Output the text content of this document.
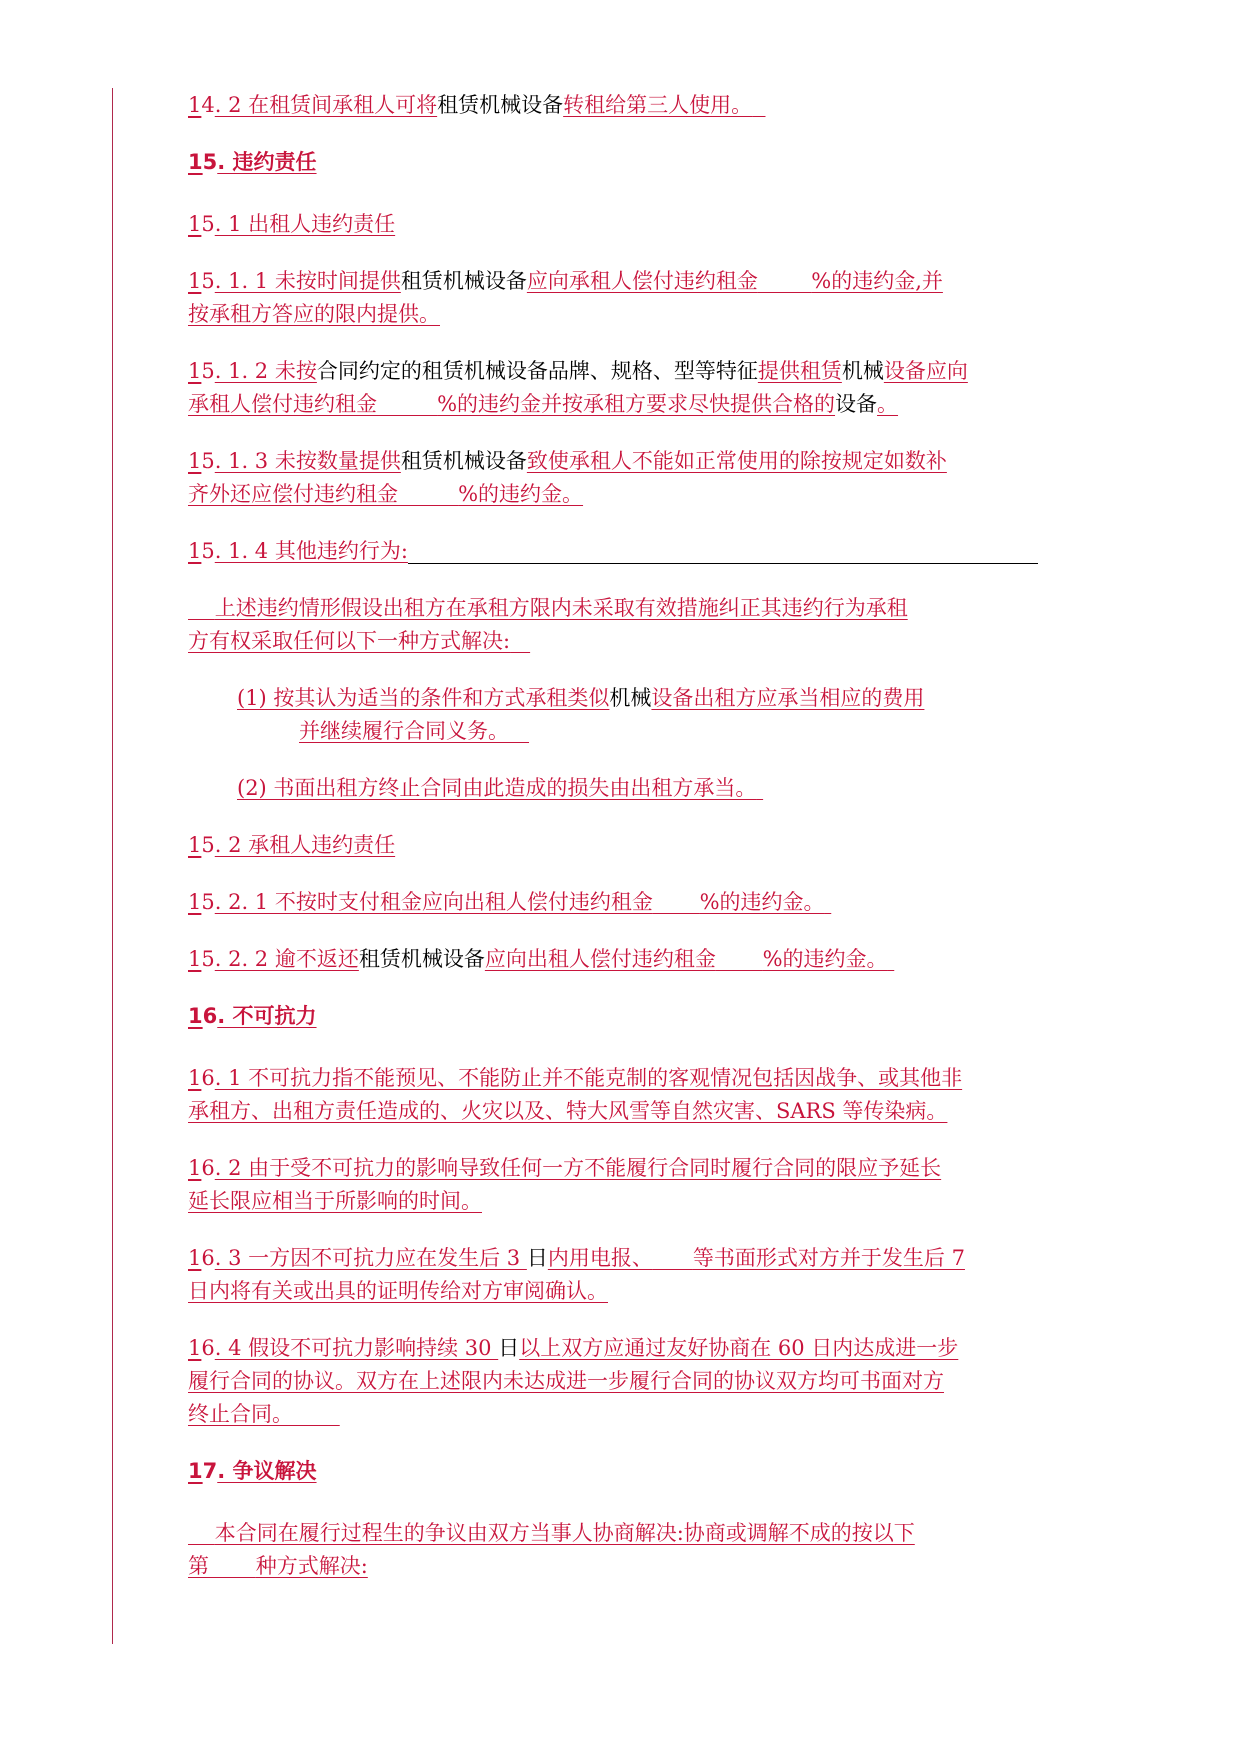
14. 2 在租赁间承租人可将租赁机械设备转租给第三人使用。
15. 违约责任
15. 1 出租人违约责任
15. 1. 1 未按时间提供租赁机械设备应向承租人偿付违约租金	%的违约金,并
按承租方答应的限内提供。
15. 1. 2 未按合同约定的租赁机械设备品牌、规格、型等特征提供租赁机械设备应向
承租人偿付违约租金	%的违约金并按承租方要求尽快提供合格的设备。
15. 1. 3 未按数量提供租赁机械设备致使承租人不能如正常使用的除按规定如数补
齐外还应偿付违约租金	%的违约金。
15. 1. 4 其他违约行为:
上述违约情形假设出租方在承租方限内未采取有效措施纠正其违约行为承租
方有权采取任何以下一种方式解决:
(1) 按其认为适当的条件和方式承租类似机械设备出租方应承当相应的费用
并继续履行合同义务。
(2) 书面出租方终止合同由此造成的损失由出租方承当。
15. 2 承租人违约责任
15. 2. 1 不按时支付租金应向出租人偿付违约租金 %的违约金。
15. 2. 2 逾不返还租赁机械设备应向出租人偿付违约租金 %的违约金。
16. 不可抗力
16. 1 不可抗力指不能预见、不能防止并不能克制的客观情况包括因战争、或其他非
承租方、出租方责任造成的、火灾以及、特大风雪等自然灾害、SARS 等传染病。
16. 2 由于受不可抗力的影响导致任何一方不能履行合同时履行合同的限应予延长
延长限应相当于所影响的时间。
16. 3 一方因不可抗力应在发生后 3 日内用电报、 等书面形式对方并于发生后 7
日内将有关或出具的证明传给对方审阅确认。
16. 4 假设不可抗力影响持续 30 日以上双方应通过友好协商在 60 日内达成进一步
履行合同的协议。双方在上述限内未达成进一步履行合同的协议双方均可书面对方
终止合同。
17. 争议解决
本合同在履行过程生的争议由双方当事人协商解决:协商或调解不成的按以下
第 种方式解决:
